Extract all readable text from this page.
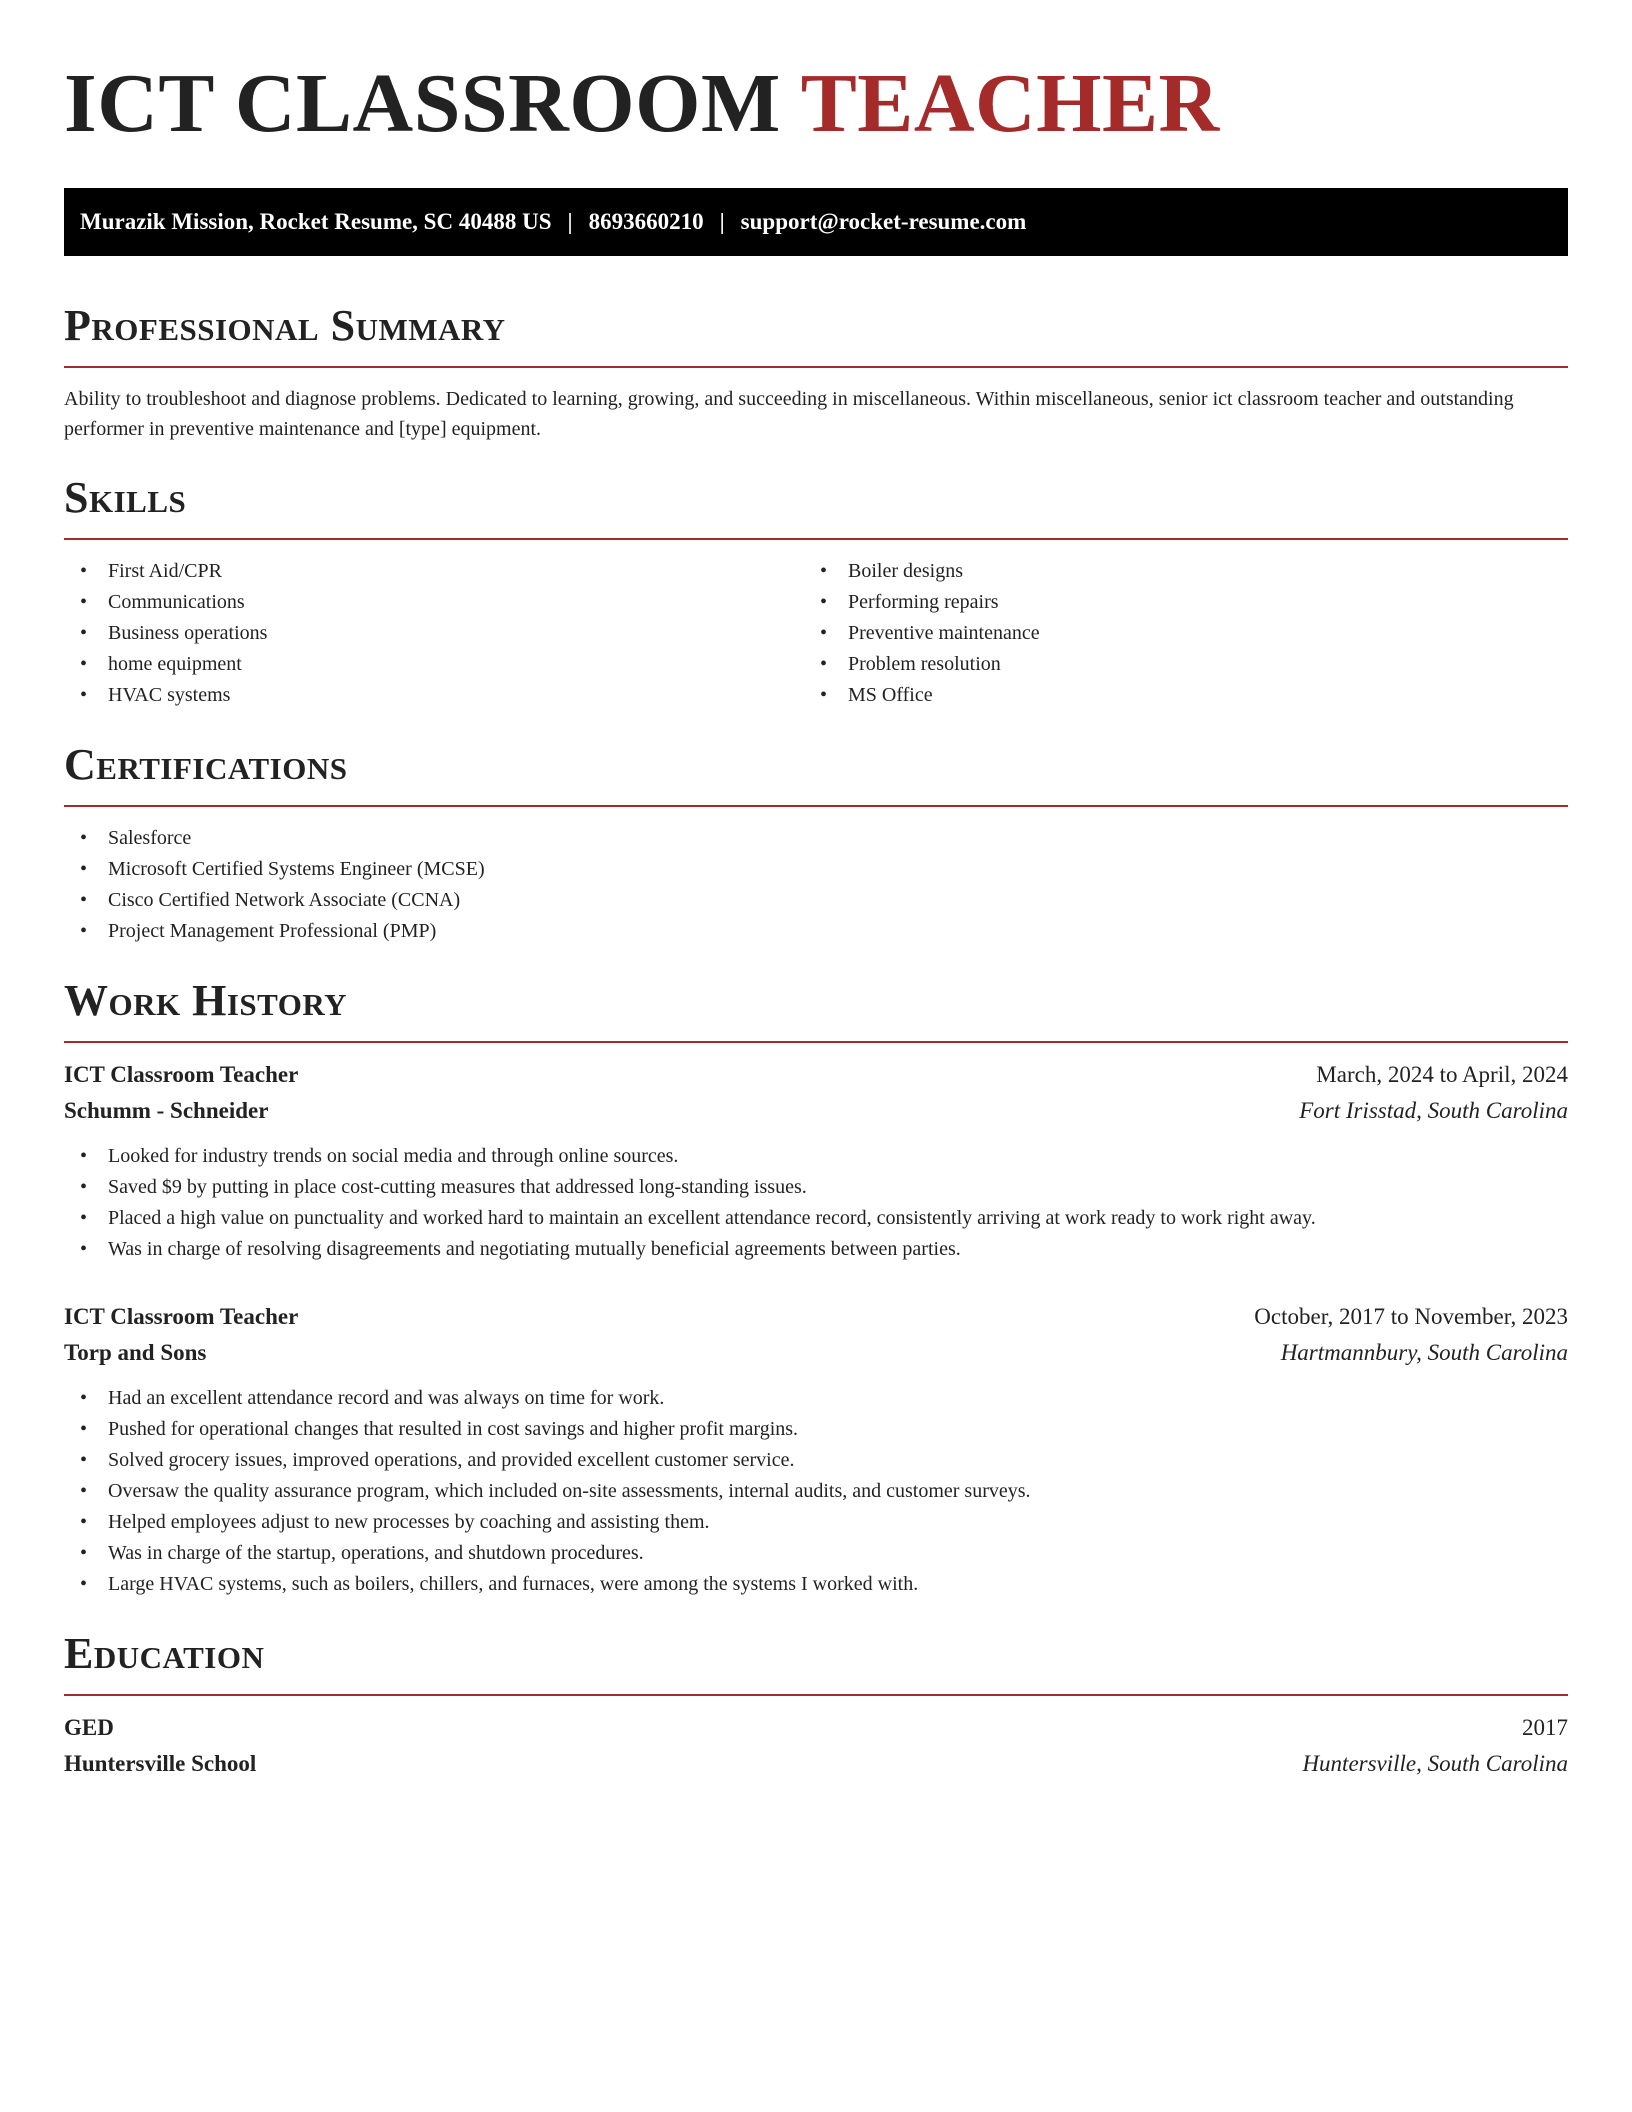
ICT CLASSROOM TEACHER
Murazik Mission, Rocket Resume, SC 40488 US | 8693660210 | support@rocket-resume.com
Professional Summary

Ability to troubleshoot and diagnose problems. Dedicated to learning, growing, and succeeding in miscellaneous. Within miscellaneous, senior ict classroom teacher and outstanding performer in preventive maintenance and [type] equipment.

Skills
• First Aid/CPR
• Communications
• Business operations
• home equipment
• HVAC systems
• Boiler designs
• Performing repairs
• Preventive maintenance
• Problem resolution
• MS Office
Certifications
• Salesforce
• Microsoft Certified Systems Engineer (MCSE)
• Cisco Certified Network Associate (CCNA)
• Project Management Professional (PMP)
Work History
ICT Classroom Teacher	March, 2024 to April, 2024
Schumm - Schneider	Fort Irisstad, South Carolina
• Looked for industry trends on social media and through online sources.
• Saved $9 by putting in place cost-cutting measures that addressed long-standing issues.
• Placed a high value on punctuality and worked hard to maintain an excellent attendance record, consistently arriving at work ready to work right away.
• Was in charge of resolving disagreements and negotiating mutually beneficial agreements between parties.
ICT Classroom Teacher	October, 2017 to November, 2023
Torp and Sons	Hartmannbury, South Carolina
• Had an excellent attendance record and was always on time for work.
• Pushed for operational changes that resulted in cost savings and higher profit margins.
• Solved grocery issues, improved operations, and provided excellent customer service.
• Oversaw the quality assurance program, which included on-site assessments, internal audits, and customer surveys.
• Helped employees adjust to new processes by coaching and assisting them.
• Was in charge of the startup, operations, and shutdown procedures.
• Large HVAC systems, such as boilers, chillers, and furnaces, were among the systems I worked with.
Education
GED	2017
Huntersville School	Huntersville, South Carolina
